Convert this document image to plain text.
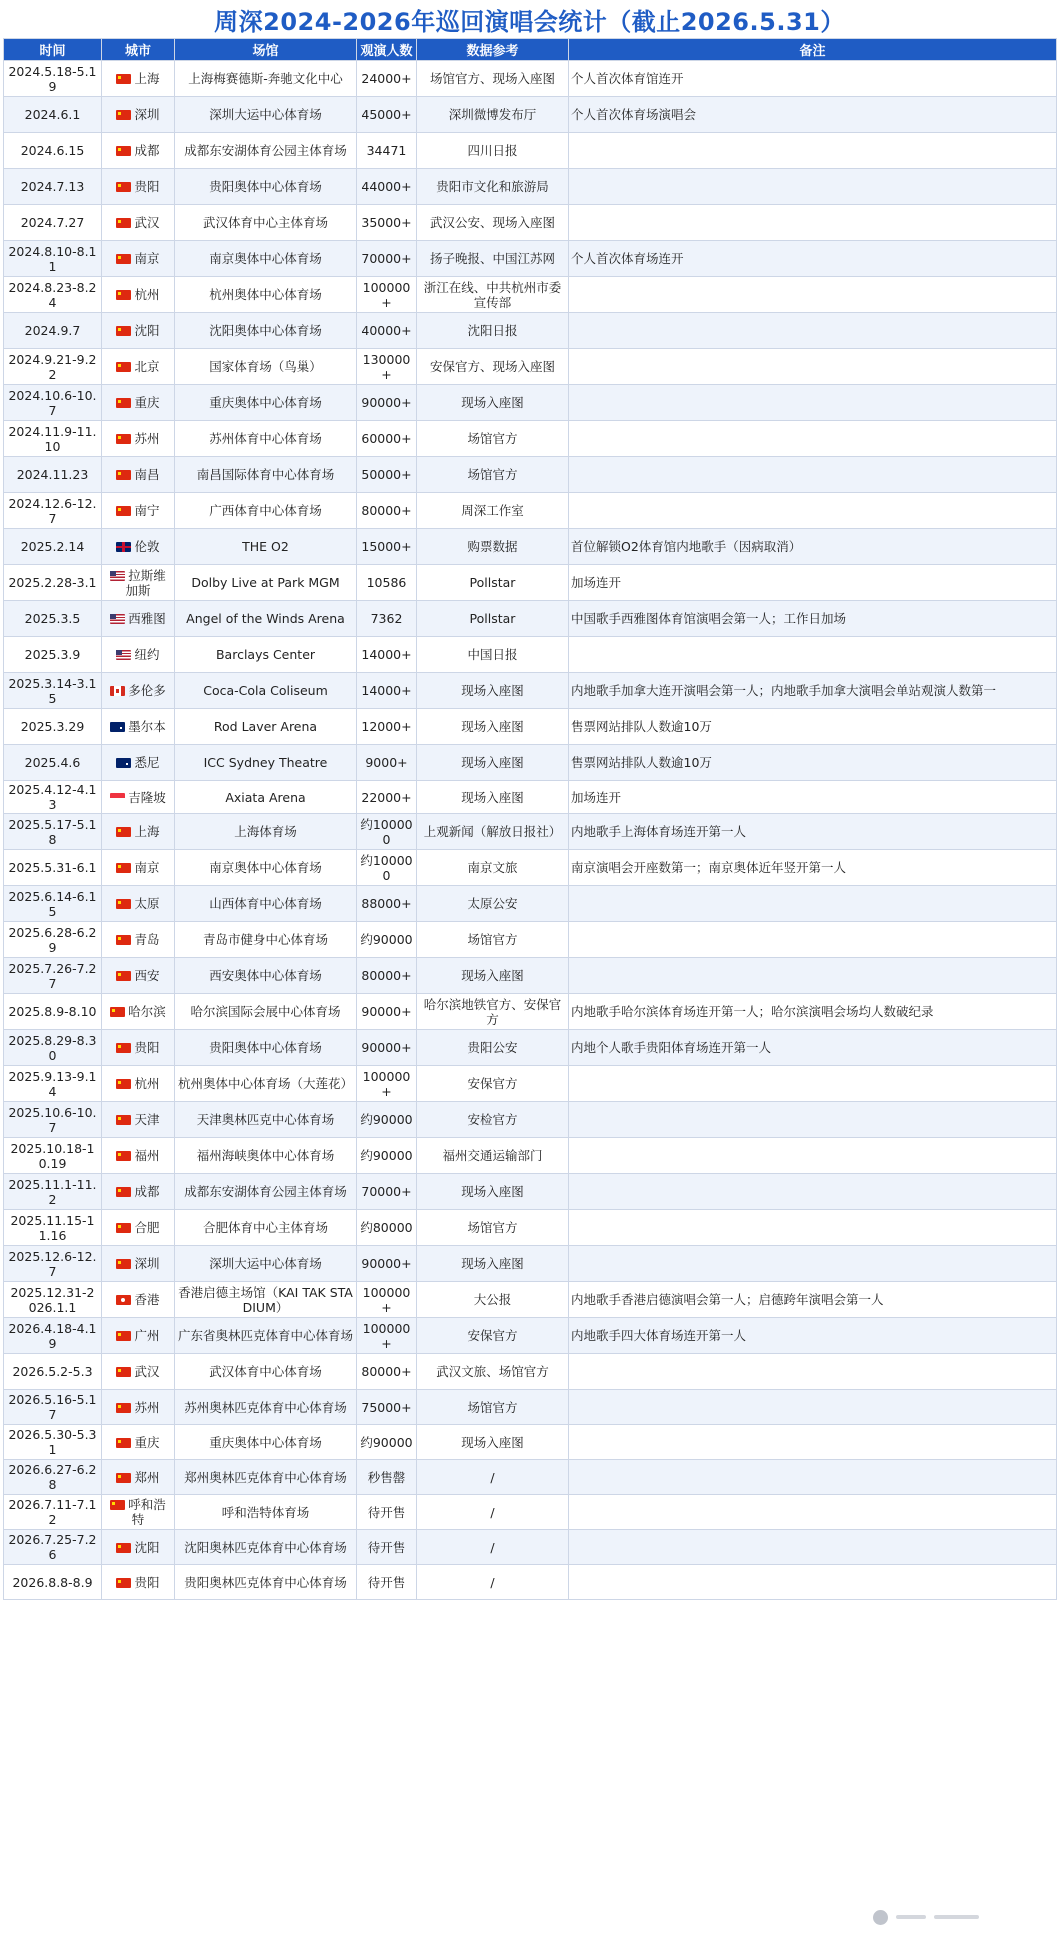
周深2024-2026年巡回演唱会统计（截止2026.5.31）
时间	城市	场馆	观演人数	数据参考	备注
2024.5.18-5.19	上海	上海梅赛德斯-奔驰文化中心	24000+	场馆官方、现场入座图	个人首次体育馆连开
2024.6.1	深圳	深圳大运中心体育场	45000+	深圳微博发布厅	个人首次体育场演唱会
2024.6.15	成都	成都东安湖体育公园主体育场	34471	四川日报	
2024.7.13	贵阳	贵阳奥体中心体育场	44000+	贵阳市文化和旅游局	
2024.7.27	武汉	武汉体育中心主体育场	35000+	武汉公安、现场入座图	
2024.8.10-8.11	南京	南京奥体中心体育场	70000+	扬子晚报、中国江苏网	个人首次体育场连开
2024.8.23-8.24	杭州	杭州奥体中心体育场	100000+	浙江在线、中共杭州市委宣传部	
2024.9.7	沈阳	沈阳奥体中心体育场	40000+	沈阳日报	
2024.9.21-9.22	北京	国家体育场（鸟巢）	130000+	安保官方、现场入座图	
2024.10.6-10.7	重庆	重庆奥体中心体育场	90000+	现场入座图	
2024.11.9-11.10	苏州	苏州体育中心体育场	60000+	场馆官方	
2024.11.23	南昌	南昌国际体育中心体育场	50000+	场馆官方	
2024.12.6-12.7	南宁	广西体育中心体育场	80000+	周深工作室	
2025.2.14	伦敦	THE O2	15000+	购票数据	首位解锁O2体育馆内地歌手（因病取消）
2025.2.28-3.1	拉斯维加斯	Dolby Live at Park MGM	10586	Pollstar	加场连开
2025.3.5	西雅图	Angel of the Winds Arena	7362	Pollstar	中国歌手西雅图体育馆演唱会第一人；工作日加场
2025.3.9	纽约	Barclays Center	14000+	中国日报	
2025.3.14-3.15	多伦多	Coca-Cola Coliseum	14000+	现场入座图	内地歌手加拿大连开演唱会第一人；内地歌手加拿大演唱会单站观演人数第一
2025.3.29	墨尔本	Rod Laver Arena	12000+	现场入座图	售票网站排队人数逾10万
2025.4.6	悉尼	ICC Sydney Theatre	9000+	现场入座图	售票网站排队人数逾10万
2025.4.12-4.13	吉隆坡	Axiata Arena	22000+	现场入座图	加场连开
2025.5.17-5.18	上海	上海体育场	约100000	上观新闻（解放日报社）	内地歌手上海体育场连开第一人
2025.5.31-6.1	南京	南京奥体中心体育场	约100000	南京文旅	南京演唱会开座数第一；南京奥体近年竖开第一人
2025.6.14-6.15	太原	山西体育中心体育场	88000+	太原公安	
2025.6.28-6.29	青岛	青岛市健身中心体育场	约90000	场馆官方	
2025.7.26-7.27	西安	西安奥体中心体育场	80000+	现场入座图	
2025.8.9-8.10	哈尔滨	哈尔滨国际会展中心体育场	90000+	哈尔滨地铁官方、安保官方	内地歌手哈尔滨体育场连开第一人；哈尔滨演唱会场均人数破纪录
2025.8.29-8.30	贵阳	贵阳奥体中心体育场	90000+	贵阳公安	内地个人歌手贵阳体育场连开第一人
2025.9.13-9.14	杭州	杭州奥体中心体育场（大莲花）	100000+	安保官方	
2025.10.6-10.7	天津	天津奥林匹克中心体育场	约90000	安检官方	
2025.10.18-10.19	福州	福州海峡奥体中心体育场	约90000	福州交通运输部门	
2025.11.1-11.2	成都	成都东安湖体育公园主体育场	70000+	现场入座图	
2025.11.15-11.16	合肥	合肥体育中心主体育场	约80000	场馆官方	
2025.12.6-12.7	深圳	深圳大运中心体育场	90000+	现场入座图	
2025.12.31-2026.1.1	香港	香港启德主场馆（KAI TAK STADIUM）	100000+	大公报	内地歌手香港启德演唱会第一人；启德跨年演唱会第一人
2026.4.18-4.19	广州	广东省奥林匹克体育中心体育场	100000+	安保官方	内地歌手四大体育场连开第一人
2026.5.2-5.3	武汉	武汉体育中心体育场	80000+	武汉文旅、场馆官方	
2026.5.16-5.17	苏州	苏州奥林匹克体育中心体育场	75000+	场馆官方	
2026.5.30-5.31	重庆	重庆奥体中心体育场	约90000	现场入座图	
2026.6.27-6.28	郑州	郑州奥林匹克体育中心体育场	秒售罄	/	
2026.7.11-7.12	呼和浩特	呼和浩特体育场	待开售	/	
2026.7.25-7.26	沈阳	沈阳奥林匹克体育中心体育场	待开售	/	
2026.8.8-8.9	贵阳	贵阳奥林匹克体育中心体育场	待开售	/	
